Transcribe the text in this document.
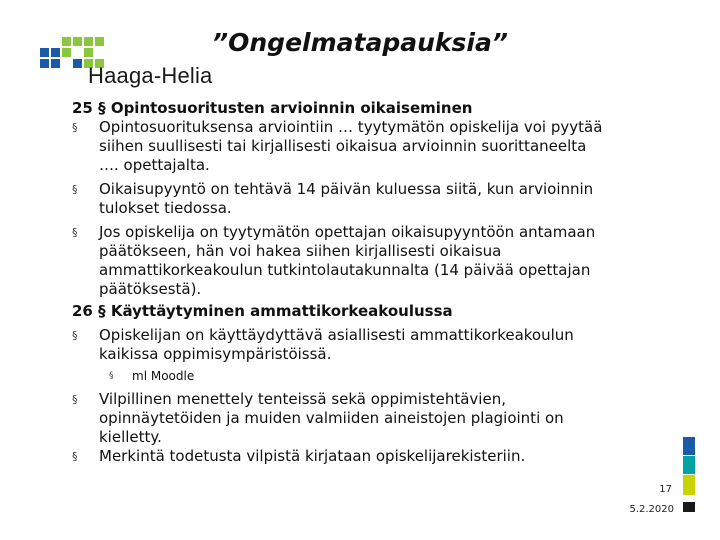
Haaga-Helia
”Ongelmatapauksia”
25 § Opintosuoritusten arvioinnin oikaiseminen
§ Opintosuorituksensa arviointiin … tyytymätön opiskelija voi pyytää
siihen suullisesti tai kirjallisesti oikaisua arvioinnin suorittaneelta
…. opettajalta.
§ Oikaisupyyntö on tehtävä 14 päivän kuluessa siitä, kun arvioinnin
tulokset tiedossa.
§ Jos opiskelija on tyytymätön opettajan oikaisupyyntöön antamaan
päätökseen, hän voi hakea siihen kirjallisesti oikaisua
ammattikorkeakoulun tutkintolautakunnalta (14 päivää opettajan
päätöksestä).
26 § Käyttäytyminen ammattikorkeakoulussa
§ Opiskelijan on käyttäydyttävä asiallisesti ammattikorkeakoulun
kaikissa oppimisympäristöissä.
§ ml Moodle
§ Vilpillinen menettely tenteissä sekä oppimistehtävien,
opinnäytetöiden ja muiden valmiiden aineistojen plagiointi on
kielletty.
§ Merkintä todetusta vilpistä kirjataan opiskelijarekisteriin.
17
5.2.2020
